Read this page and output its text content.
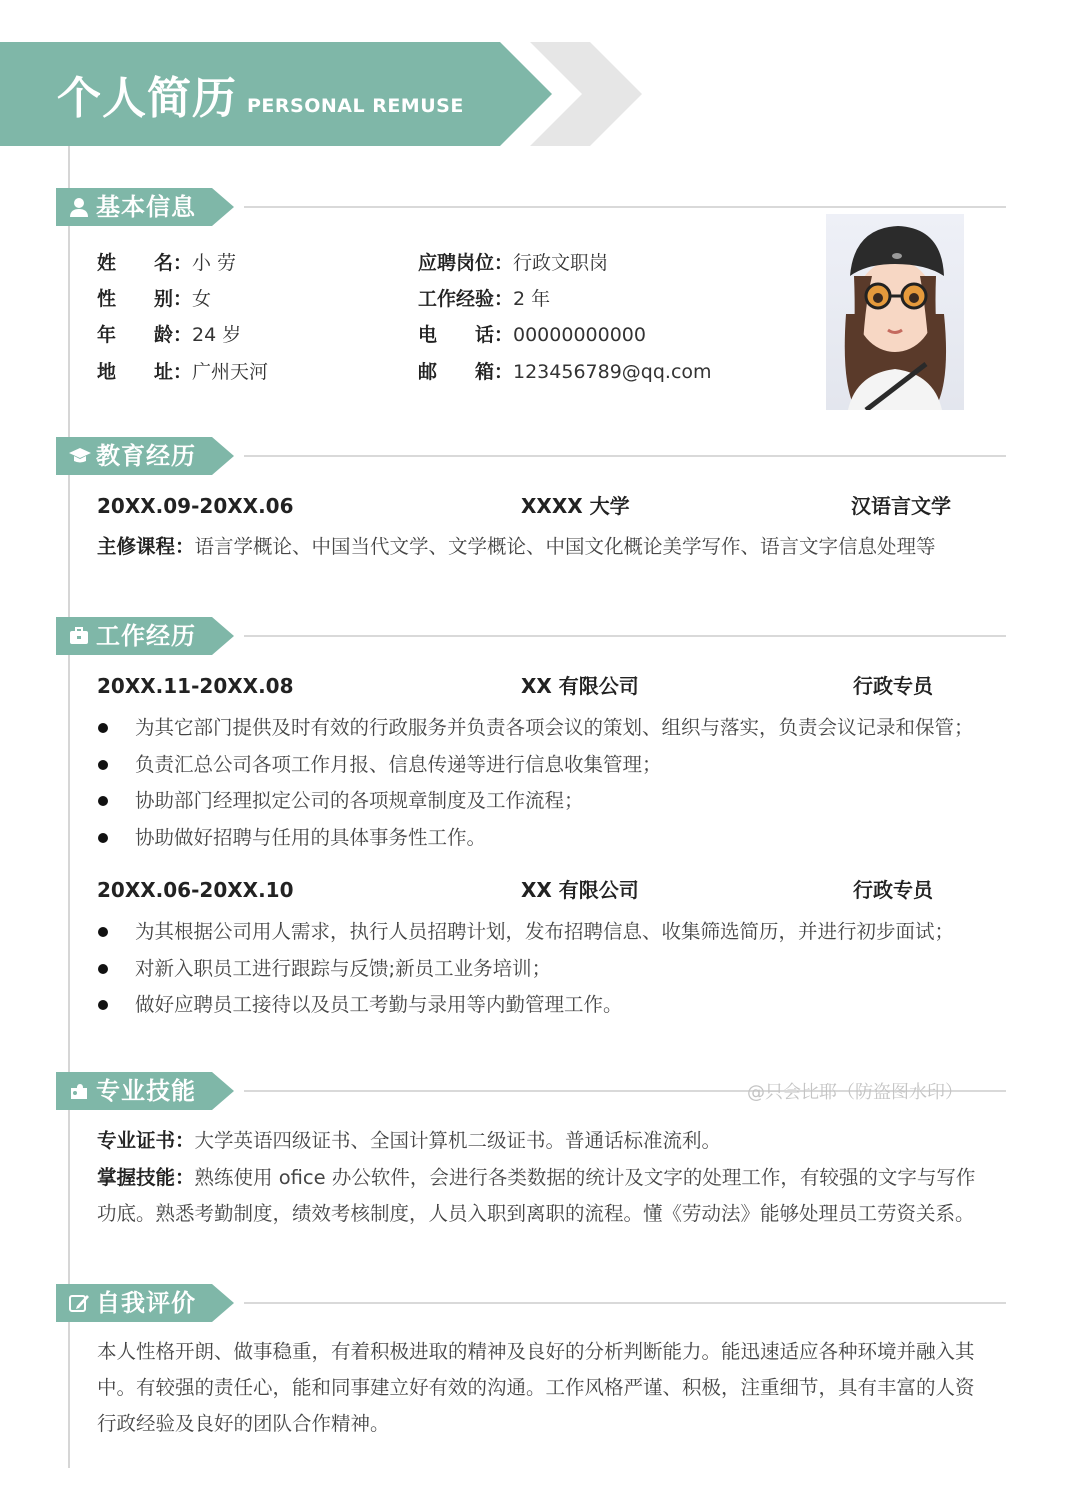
个人简历 PERSONAL REMUSE
基本信息
姓　　名：小 劳
性　　别：女
年　　龄：24 岁
地　　址：广州天河
应聘岗位：行政文职岗
工作经验：2 年
电　　话：00000000000
邮　　箱：123456789@qq.com
教育经历
20XX.09-20XX.06	XXXX 大学	汉语言文学
主修课程：语言学概论、中国当代文学、文学概论、中国文化概论美学写作、语言文字信息处理等
工作经历
20XX.11-20XX.08	XX 有限公司	行政专员
为其它部门提供及时有效的行政服务并负责各项会议的策划、组织与落实，负责会议记录和保管；
负责汇总公司各项工作月报、信息传递等进行信息收集管理；
协助部门经理拟定公司的各项规章制度及工作流程；
协助做好招聘与任用的具体事务性工作。
20XX.06-20XX.10	XX 有限公司	行政专员
为其根据公司用人需求，执行人员招聘计划，发布招聘信息、收集筛选简历，并进行初步面试；
对新入职员工进行跟踪与反馈;新员工业务培训；
做好应聘员工接待以及员工考勤与录用等内勤管理工作。
专业技能	@只会比耶（防盗图水印）
专业证书：大学英语四级证书、全国计算机二级证书。普通话标准流利。
掌握技能：熟练使用 ofice 办公软件，会进行各类数据的统计及文字的处理工作，有较强的文字与写作
功底。熟悉考勤制度，绩效考核制度，人员入职到离职的流程。懂《劳动法》能够处理员工劳资关系。
自我评价
本人性格开朗、做事稳重，有着积极进取的精神及良好的分析判断能力。能迅速适应各种环境并融入其
中。有较强的责任心，能和同事建立好有效的沟通。工作风格严谨、积极，注重细节，具有丰富的人资
行政经验及良好的团队合作精神。
